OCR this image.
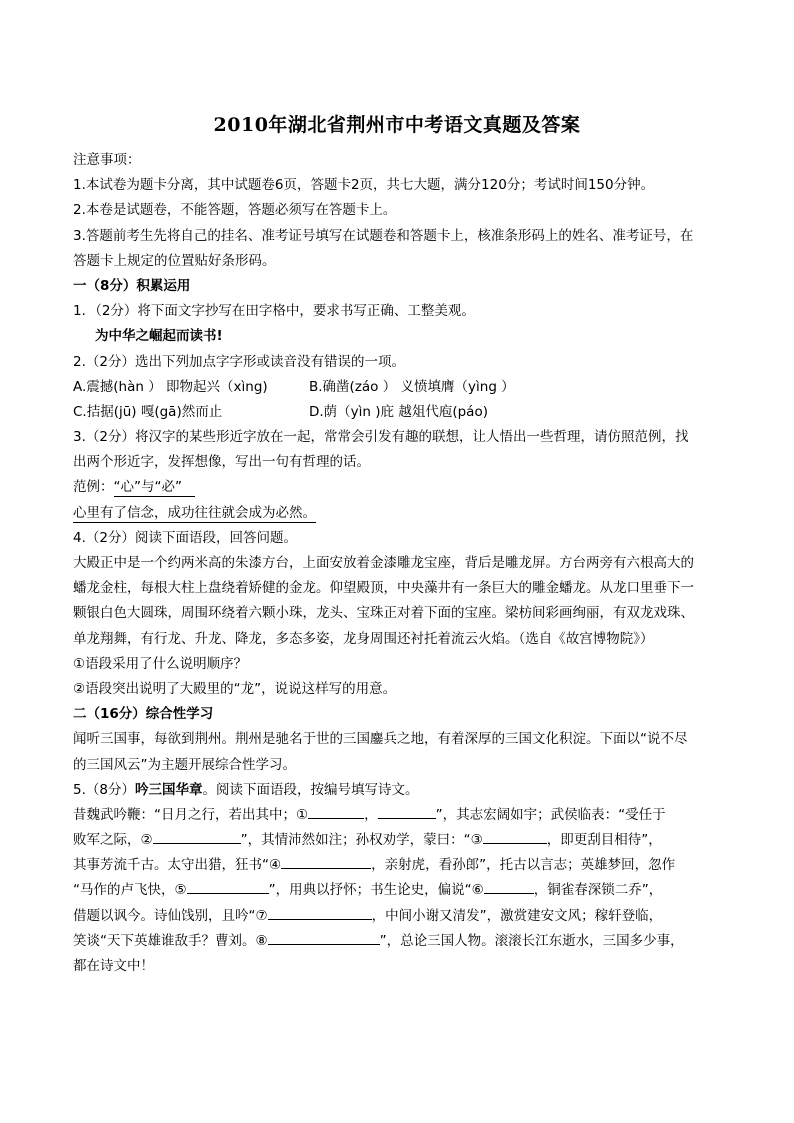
2010年湖北省荆州市中考语文真题及答案
注意事项：
1.本试卷为题卡分离，其中试题卷6页，答题卡2页，共七大题，满分120分；考试时间150分钟。
2.本卷是试题卷，不能答题，答题必须写在答题卡上。
3.答题前考生先将自己的挂名、准考证号填写在试题卷和答题卡上，核准条形码上的姓名、准考证号，在
答题卡上规定的位置贴好条形码。
一（8分）积累运用
1．（2分）将下面文字抄写在田字格中，要求书写正确、工整美观。
为中华之崛起而读书!
2.（2分）选出下列加点字字形或读音没有错误的一项。
A.震撼(hàn ） 即物起兴（xìng)	B.确凿(záo ） 义愤填膺（yìng ）
C.拮据(jū) 嘎(gā)然而止	D.荫（yìn )庇 越俎代庖(páo)
3.（2分）将汉字的某些形近字放在一起，常常会引发有趣的联想，让人悟出一些哲理，请仿照范例，找
出两个形近字，发挥想像，写出一句有哲理的话。
范例：“心”与“必”
心里有了信念，成功往往就会成为必然。
4.（2分）阅读下面语段，回答问题。
大殿正中是一个约两米高的朱漆方台，上面安放着金漆雕龙宝座，背后是雕龙屏。方台两旁有六根高大的
蟠龙金柱，每根大柱上盘绕着矫健的金龙。仰望殿顶，中央藻井有一条巨大的雕金蟠龙。从龙口里垂下一
颗银白色大圆珠，周围环绕着六颗小珠，龙头、宝珠正对着下面的宝座。梁枋间彩画绚丽，有双龙戏珠、
单龙翔舞，有行龙、升龙、降龙，多态多姿，龙身周围还衬托着流云火焰。（选自《故宫博物院》）
①语段采用了什么说明顺序？
②语段突出说明了大殿里的“龙”，说说这样写的用意。
二（16分）综合性学习
闻听三国事，每欲到荆州。荆州是驰名于世的三国鏖兵之地，有着深厚的三国文化积淀。下面以“说不尽
的三国风云”为主题开展综合性学习。
5.（8分）吟三国华章。阅读下面语段，按编号填写诗文。
昔魏武吟鞭：“日月之行，若出其中；①	，	”，其志宏阔如宇；武侯临表：“受任于
败军之际，②	”，其情沛然如注；孙权劝学，蒙曰：“③	，即更刮目相待”，
其事芳流千古。太守出猎，狂书“④	，亲射虎，看孙郎”，托古以言志；英雄梦回，忽作
“马作的卢飞快，⑤	”，用典以抒怀；书生论史，偏说“⑥	，铜雀春深锁二乔”，
借题以讽今。诗仙饯别，且吟“⑦	，中间小谢又清发”，激赏建安文风；稼轩登临，
笑谈“天下英雄谁敌手？曹刘。⑧	”，总论三国人物。滚滚长江东逝水，三国多少事，
都在诗文中！
